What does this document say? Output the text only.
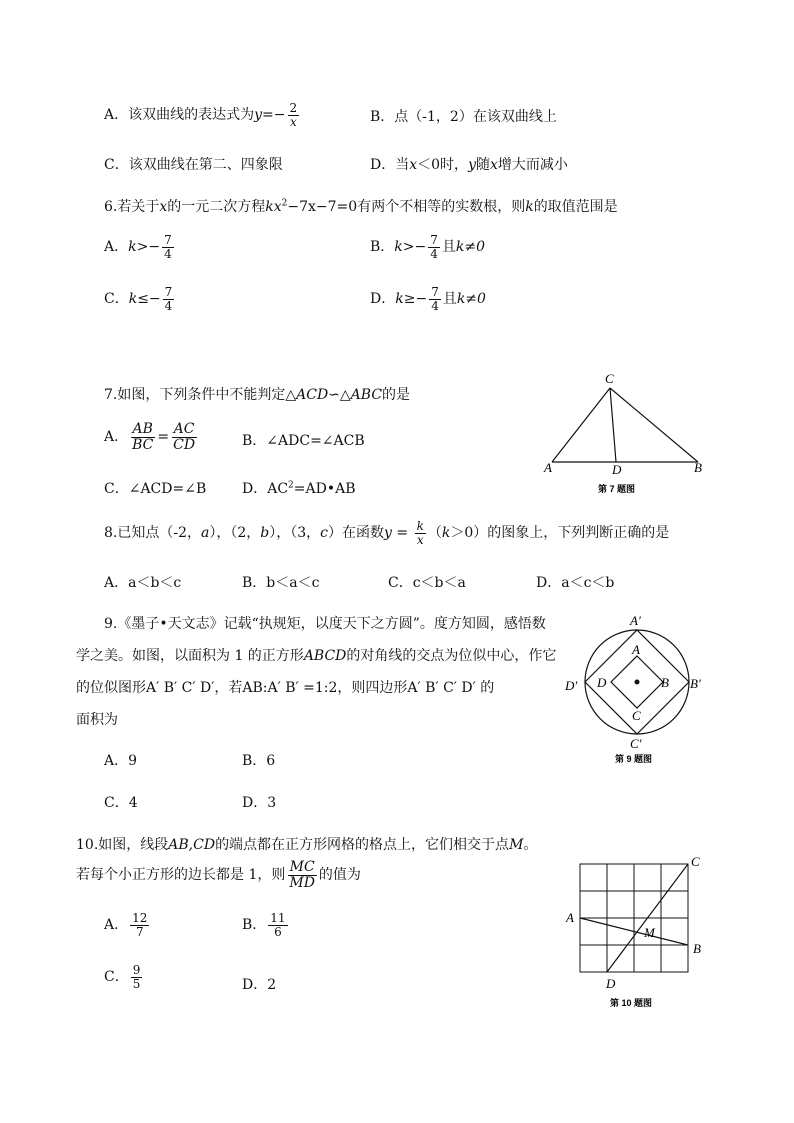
A．该双曲线的表达式为$y=- \frac{2}{x}$	B．点（-1，2）在该双曲线上
C．该双曲线在第二、四象限	D．当x＜0时，y随x增大而减小
6.若关于x的一元二次方程$kx^2-7x-7=0$有两个不相等的实数根，则k的取值范围是
A．$k>- \frac{7}{4}$	B．$k>- \frac{7}{4}$ 且k≠0
C．$k\le- \frac{7}{4}$	D．$k\ge- \frac{7}{4}$ 且k≠0
7.如图，下列条件中不能判定△ACD∽△ABC的是
A． $\frac{AB}{BC} = \frac{AC}{CD}$	B．∠ADC=∠ACB
C．∠ACD=∠B	D．$AC^2=AD•AB$
C
A	D	B
第 7 题图
8.已知点（-2，a），（2，b），（3，c）在函数$y = \frac{k}{x} (k>0)$的图象上，下列判断正确的是
A．a＜b＜c	B．b＜a＜c	C．c＜b＜a	D．a＜c＜b
9.《墨子•天文志》记载“执规矩，以度天下之方圆”。度方知圆，感悟数
学之美。如图，以面积为 1 的正方形ABCD的对角线的交点为位似中心，作它
的位似图形A′ B′ C′ D′，若AB:A′ B′ =1:2，则四边形A′ B′ C′ D′ 的
面积为
A．9	B．6
C．4	D．3
A′
B′
C′
D′
A
B
C
D
第 9 题图
10.如图，线段AB,CD的端点都在正方形网格的格点上，它们相交于点M。
若每个小正方形的边长都是 1，则 $\frac{MC}{MD}$ 的值为
A． $\frac{12}{7}$	B． $\frac{11}{6}$
C． $\frac{9}{5}$	D．2
C
A
M
B
D
第 10 题图
